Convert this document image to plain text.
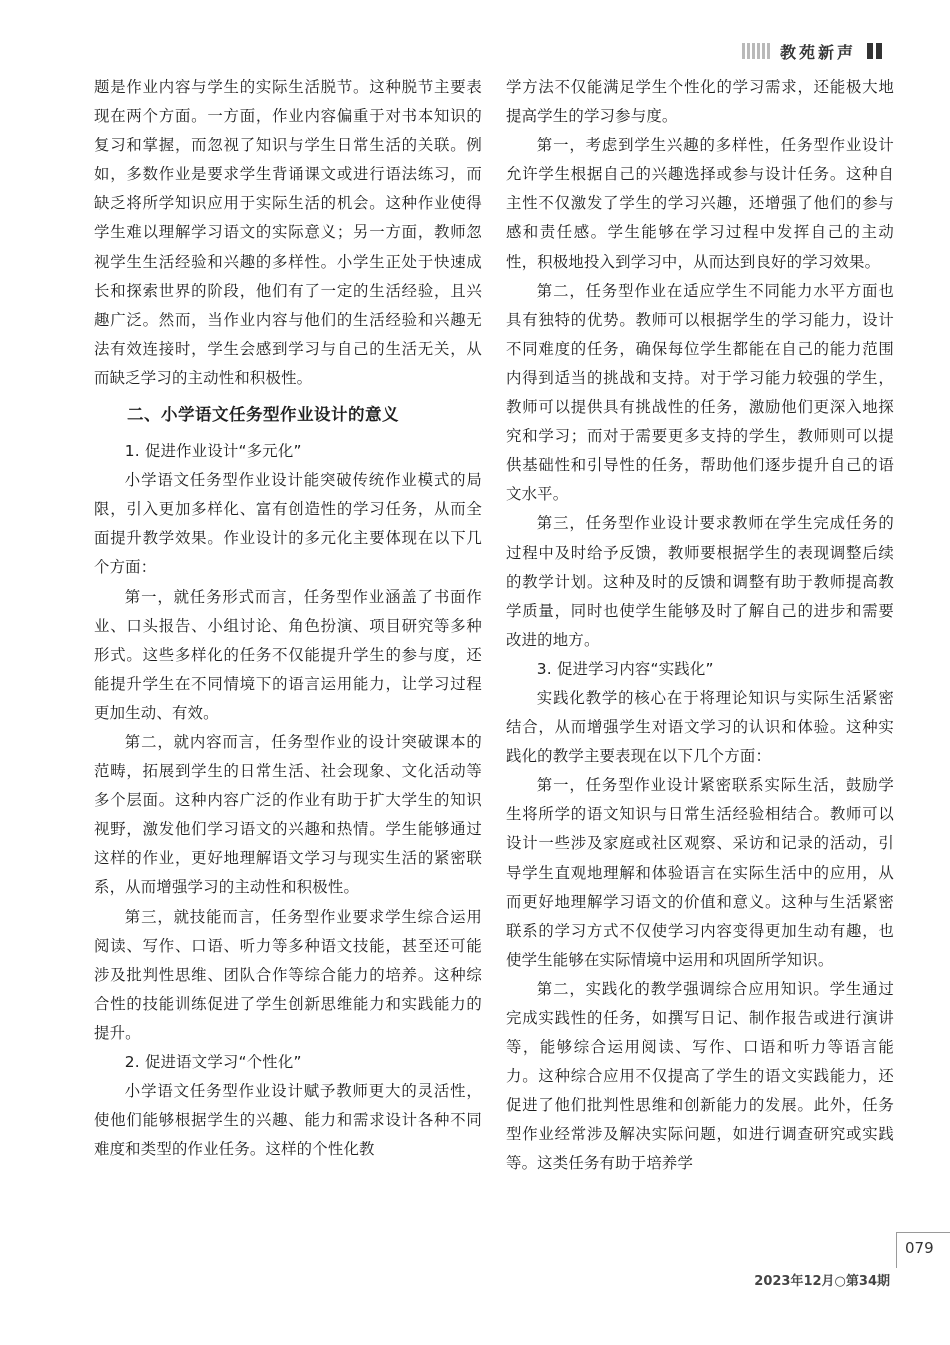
教苑新声

题是作业内容与学生的实际生活脱节。这种脱节主要表现在两个方面。一方面，作业内容偏重于对书本知识的复习和掌握，而忽视了知识与学生日常生活的关联。例如，多数作业是要求学生背诵课文或进行语法练习，而缺乏将所学知识应用于实际生活的机会。这种作业使得学生难以理解学习语文的实际意义；另一方面，教师忽视学生生活经验和兴趣的多样性。小学生正处于快速成长和探索世界的阶段，他们有了一定的生活经验，且兴趣广泛。然而，当作业内容与他们的生活经验和兴趣无法有效连接时，学生会感到学习与自己的生活无关，从而缺乏学习的主动性和积极性。

二、小学语文任务型作业设计的意义
1. 促进作业设计“多元化”

小学语文任务型作业设计能突破传统作业模式的局限，引入更加多样化、富有创造性的学习任务，从而全面提升教学效果。作业设计的多元化主要体现在以下几个方面：

第一，就任务形式而言，任务型作业涵盖了书面作业、口头报告、小组讨论、角色扮演、项目研究等多种形式。这些多样化的任务不仅能提升学生的参与度，还能提升学生在不同情境下的语言运用能力，让学习过程更加生动、有效。

第二，就内容而言，任务型作业的设计突破课本的范畴，拓展到学生的日常生活、社会现象、文化活动等多个层面。这种内容广泛的作业有助于扩大学生的知识视野，激发他们学习语文的兴趣和热情。学生能够通过这样的作业，更好地理解语文学习与现实生活的紧密联系，从而增强学习的主动性和积极性。

第三，就技能而言，任务型作业要求学生综合运用阅读、写作、口语、听力等多种语文技能，甚至还可能涉及批判性思维、团队合作等综合能力的培养。这种综合性的技能训练促进了学生创新思维能力和实践能力的提升。

2. 促进语文学习“个性化”

小学语文任务型作业设计赋予教师更大的灵活性，使他们能够根据学生的兴趣、能力和需求设计各种不同难度和类型的作业任务。这样的个性化教

学方法不仅能满足学生个性化的学习需求，还能极大地提高学生的学习参与度。

第一，考虑到学生兴趣的多样性，任务型作业设计允许学生根据自己的兴趣选择或参与设计任务。这种自主性不仅激发了学生的学习兴趣，还增强了他们的参与感和责任感。学生能够在学习过程中发挥自己的主动性，积极地投入到学习中，从而达到良好的学习效果。

第二，任务型作业在适应学生不同能力水平方面也具有独特的优势。教师可以根据学生的学习能力，设计不同难度的任务，确保每位学生都能在自己的能力范围内得到适当的挑战和支持。对于学习能力较强的学生，教师可以提供具有挑战性的任务，激励他们更深入地探究和学习；而对于需要更多支持的学生，教师则可以提供基础性和引导性的任务，帮助他们逐步提升自己的语文水平。

第三，任务型作业设计要求教师在学生完成任务的过程中及时给予反馈，教师要根据学生的表现调整后续的教学计划。这种及时的反馈和调整有助于教师提高教学质量，同时也使学生能够及时了解自己的进步和需要改进的地方。

3. 促进学习内容“实践化”

实践化教学的核心在于将理论知识与实际生活紧密结合，从而增强学生对语文学习的认识和体验。这种实践化的教学主要表现在以下几个方面：

第一，任务型作业设计紧密联系实际生活，鼓励学生将所学的语文知识与日常生活经验相结合。教师可以设计一些涉及家庭或社区观察、采访和记录的活动，引导学生直观地理解和体验语言在实际生活中的应用，从而更好地理解学习语文的价值和意义。这种与生活紧密联系的学习方式不仅使学习内容变得更加生动有趣，也使学生能够在实际情境中运用和巩固所学知识。

第二，实践化的教学强调综合应用知识。学生通过完成实践性的任务，如撰写日记、制作报告或进行演讲等，能够综合运用阅读、写作、口语和听力等语言能力。这种综合应用不仅提高了学生的语文实践能力，还促进了他们批判性思维和创新能力的发展。此外，任务型作业经常涉及解决实际问题，如进行调查研究或实践等。这类任务有助于培养学

079
2023年12月○第34期
